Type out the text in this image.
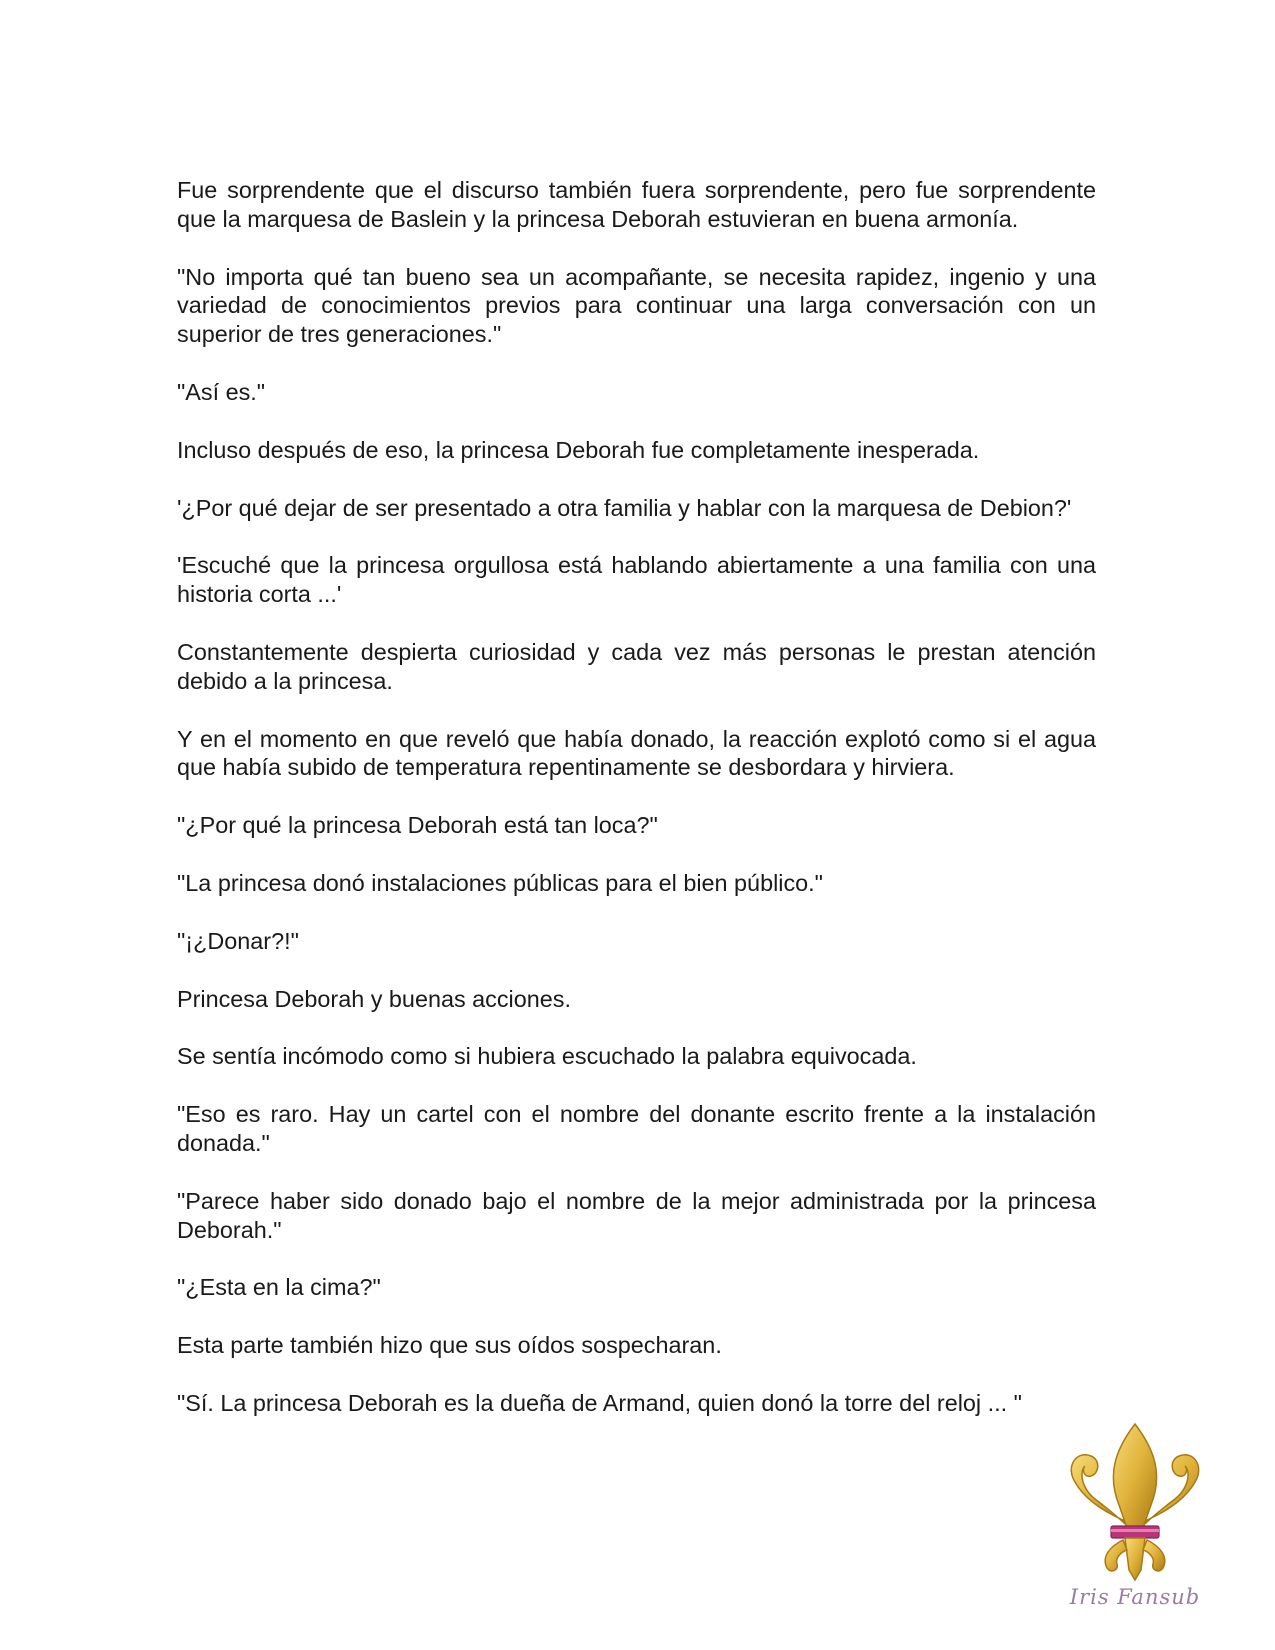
Fue sorprendente que el discurso también fuera sorprendente, pero fue sorprendente que la marquesa de Baslein y la princesa Deborah estuvieran en buena armonía.

"No importa qué tan bueno sea un acompañante, se necesita rapidez, ingenio y una variedad de conocimientos previos para continuar una larga conversación con un superior de tres generaciones."

"Así es."

Incluso después de eso, la princesa Deborah fue completamente inesperada.

'¿Por qué dejar de ser presentado a otra familia y hablar con la marquesa de Debion?'

'Escuché que la princesa orgullosa está hablando abiertamente a una familia con una historia corta ...'

Constantemente despierta curiosidad y cada vez más personas le prestan atención debido a la princesa.

Y en el momento en que reveló que había donado, la reacción explotó como si el agua que había subido de temperatura repentinamente se desbordara y hirviera.

"¿Por qué la princesa Deborah está tan loca?"

"La princesa donó instalaciones públicas para el bien público."

"¡¿Donar?!"

Princesa Deborah y buenas acciones.

Se sentía incómodo como si hubiera escuchado la palabra equivocada.

"Eso es raro. Hay un cartel con el nombre del donante escrito frente a la instalación donada."

"Parece haber sido donado bajo el nombre de la mejor administrada por la princesa Deborah."

"¿Esta en la cima?"

Esta parte también hizo que sus oídos sospecharan.

"Sí. La princesa Deborah es la dueña de Armand, quien donó la torre del reloj ... "

Iris Fansub
